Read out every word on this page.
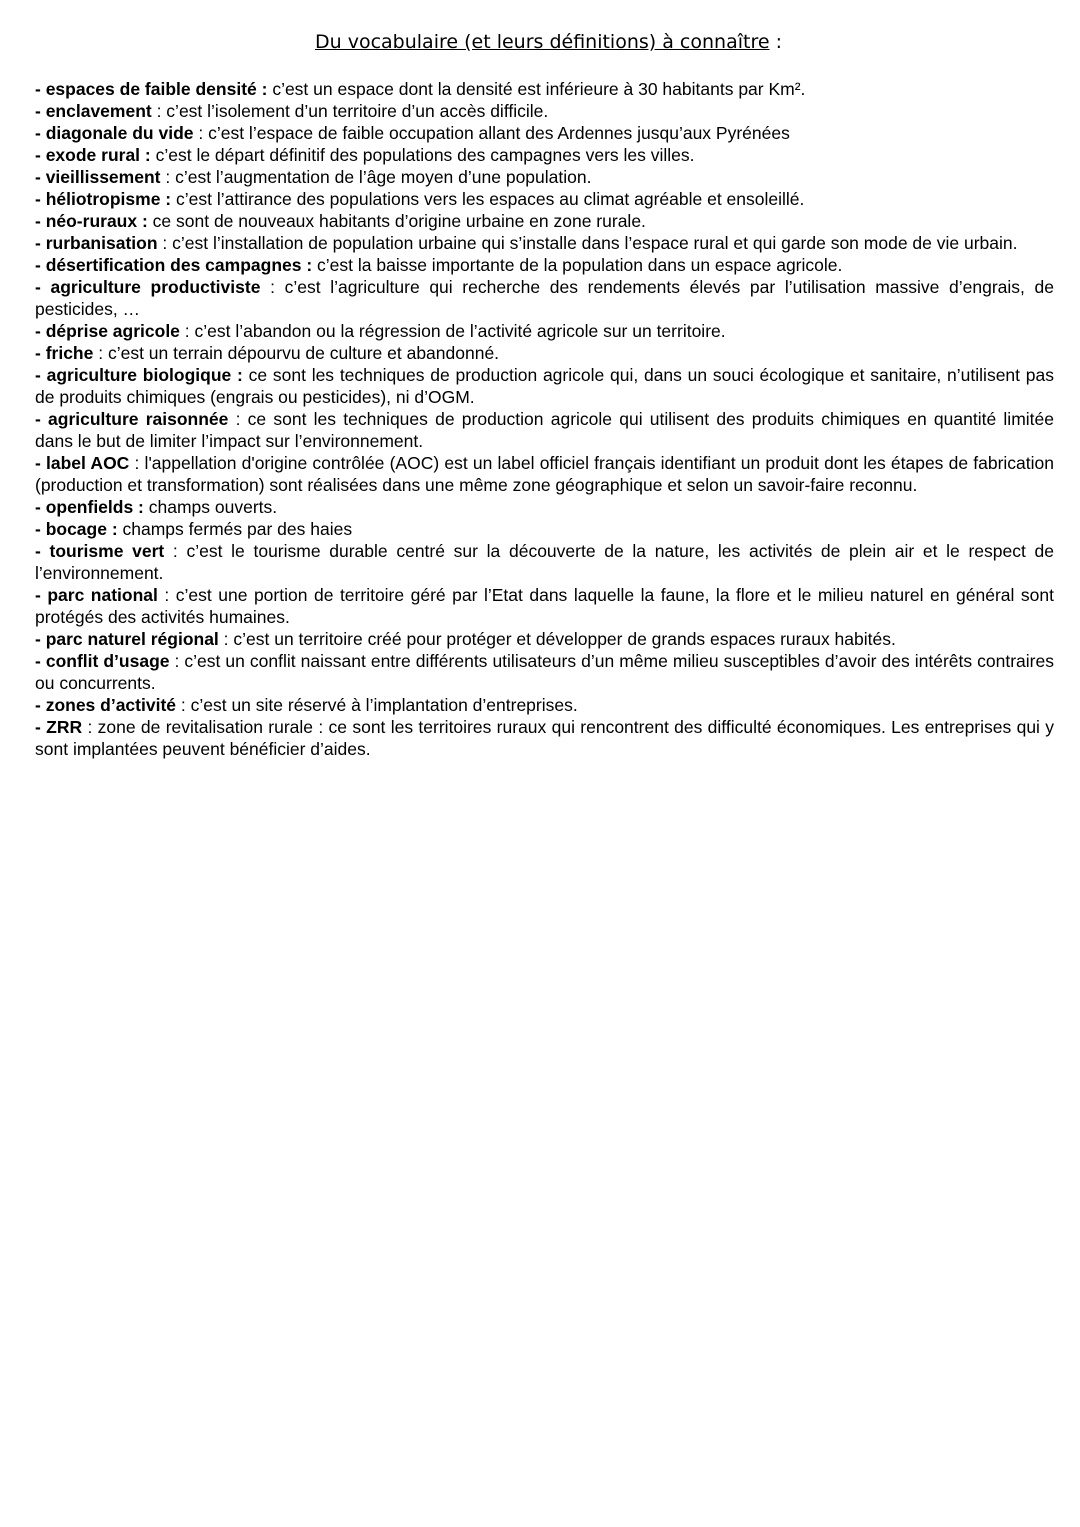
Du vocabulaire (et leurs définitions) à connaître :

- espaces de faible densité : c’est un espace dont la densité est inférieure à 30 habitants par Km².

- enclavement : c’est l’isolement d’un territoire d’un accès difficile.

- diagonale du vide : c’est l’espace de faible occupation allant des Ardennes jusqu’aux Pyrénées

- exode rural : c’est le départ définitif des populations des campagnes vers les villes.

- vieillissement : c’est l’augmentation de l’âge moyen d’une population.

- héliotropisme : c’est l’attirance des populations vers les espaces au climat agréable et ensoleillé.

- néo-ruraux : ce sont de nouveaux habitants d’origine urbaine en zone rurale.

- rurbanisation : c’est l’installation de population urbaine qui s’installe dans l’espace rural et qui garde son mode de vie urbain.

- désertification des campagnes : c’est la baisse importante de la population dans un espace agricole.

- agriculture productiviste : c’est l’agriculture qui recherche des rendements élevés par l’utilisation massive d’engrais, de pesticides, …

- déprise agricole : c’est l’abandon ou la régression de l’activité agricole sur un territoire.

- friche : c’est un terrain dépourvu de culture et abandonné.

- agriculture biologique : ce sont les techniques de production agricole qui, dans un souci écologique et sanitaire, n’utilisent pas de produits chimiques (engrais ou pesticides), ni d’OGM.

- agriculture raisonnée : ce sont les techniques de production agricole qui utilisent des produits chimiques en quantité limitée dans le but de limiter l’impact sur l’environnement.

- label AOC : l'appellation d'origine contrôlée (AOC) est un label officiel français identifiant un produit dont les étapes de fabrication (production et transformation) sont réalisées dans une même zone géographique et selon un savoir-faire reconnu.

- openfields : champs ouverts.

- bocage : champs fermés par des haies

- tourisme vert : c’est le tourisme durable centré sur la découverte de la nature, les activités de plein air et le respect de l’environnement.

- parc national : c’est une portion de territoire géré par l’Etat dans laquelle la faune, la flore et le milieu naturel en général sont protégés des activités humaines.

- parc naturel régional : c’est un territoire créé pour protéger et développer de grands espaces ruraux habités.

- conflit d’usage : c’est un conflit naissant entre différents utilisateurs d’un même milieu susceptibles d’avoir des intérêts contraires ou concurrents.

- zones d’activité : c’est un site réservé à l’implantation d’entreprises.

- ZRR : zone de revitalisation rurale : ce sont les territoires ruraux qui rencontrent des difficulté économiques. Les entreprises qui y sont implantées peuvent bénéficier d’aides.
